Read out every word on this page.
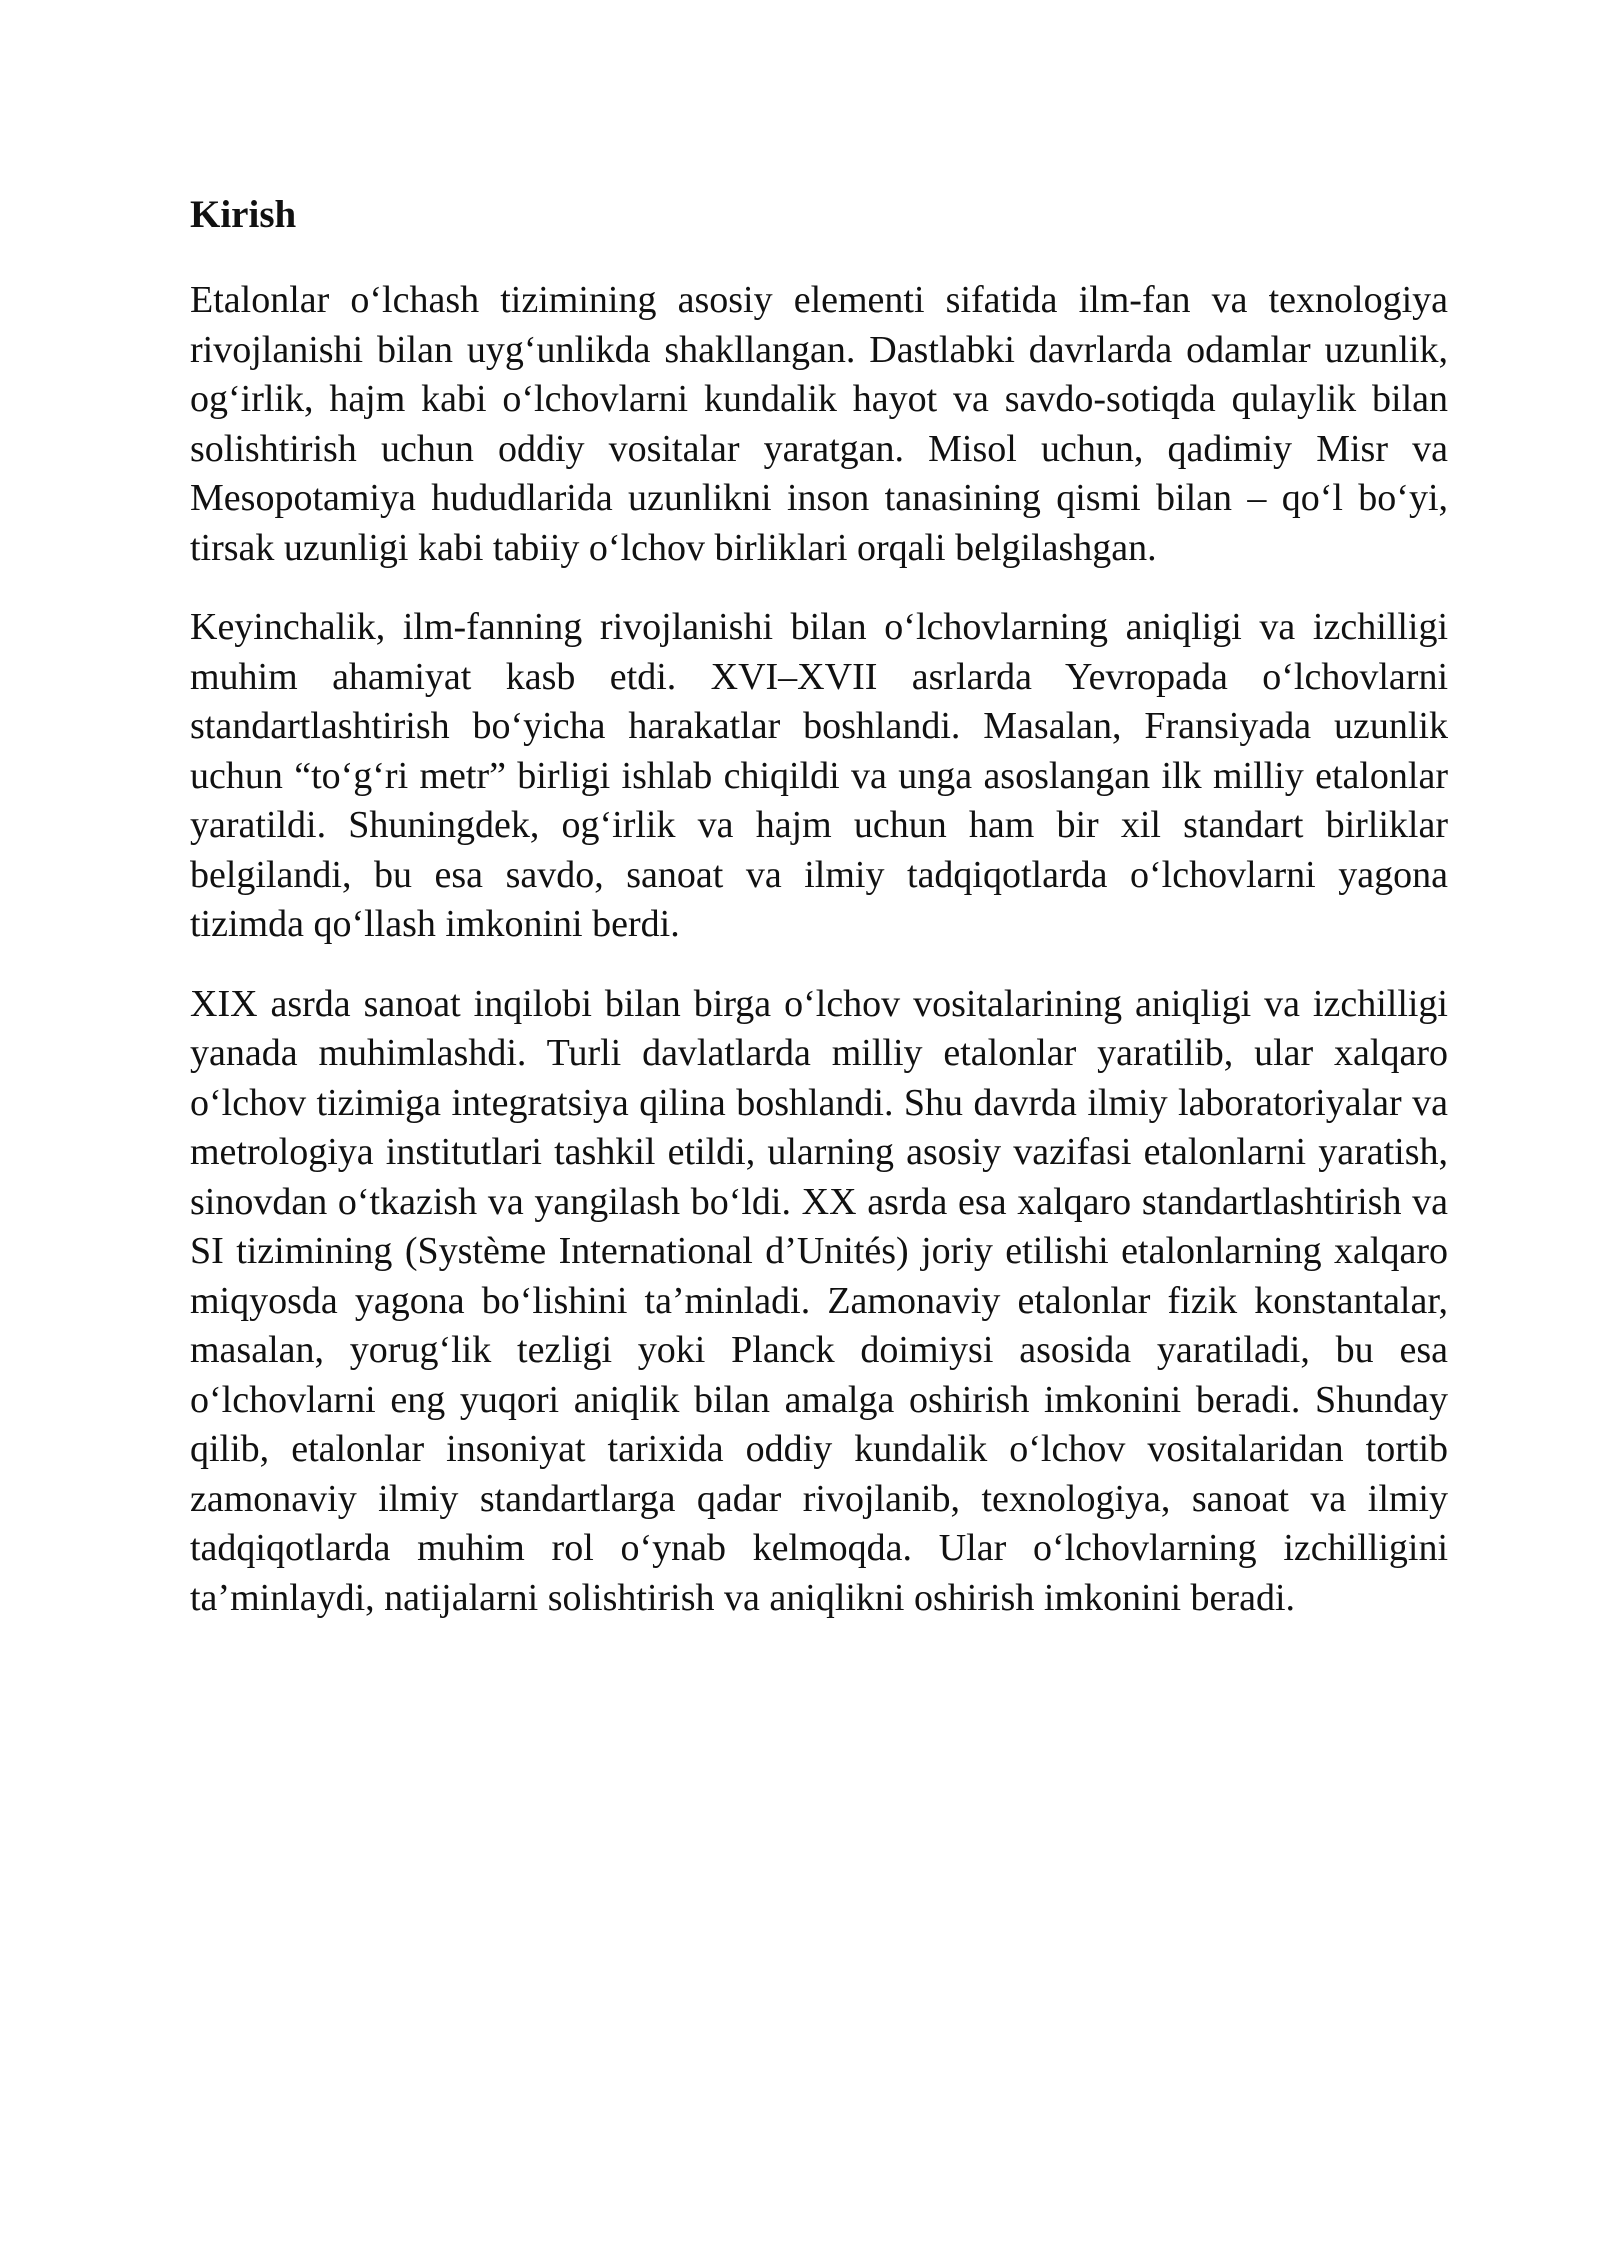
Kirish

Etalonlar o‘lchash tizimining asosiy elementi sifatida ilm-fan va texnologiya rivojlanishi bilan uyg‘unlikda shakllangan. Dastlabki davrlarda odamlar uzunlik, og‘irlik, hajm kabi o‘lchovlarni kundalik hayot va savdo-sotiqda qulaylik bilan solishtirish uchun oddiy vositalar yaratgan. Misol uchun, qadimiy Misr va Mesopotamiya hududlarida uzunlikni inson tanasining qismi bilan – qo‘l bo‘yi, tirsak uzunligi kabi tabiiy o‘lchov birliklari orqali belgilashgan.

Keyinchalik, ilm-fanning rivojlanishi bilan o‘lchovlarning aniqligi va izchilligi muhim ahamiyat kasb etdi. XVI–XVII asrlarda Yevropada o‘lchovlarni standartlashtirish bo‘yicha harakatlar boshlandi. Masalan, Fransiyada uzunlik uchun “to‘g‘ri metr” birligi ishlab chiqildi va unga asoslangan ilk milliy etalonlar yaratildi. Shuningdek, og‘irlik va hajm uchun ham bir xil standart birliklar belgilandi, bu esa savdo, sanoat va ilmiy tadqiqotlarda o‘lchovlarni yagona tizimda qo‘llash imkonini berdi.

XIX asrda sanoat inqilobi bilan birga o‘lchov vositalarining aniqligi va izchilligi yanada muhimlashdi. Turli davlatlarda milliy etalonlar yaratilib, ular xalqaro o‘lchov tizimiga integratsiya qilina boshlandi. Shu davrda ilmiy laboratoriyalar va metrologiya institutlari tashkil etildi, ularning asosiy vazifasi etalonlarni yaratish, sinovdan o‘tkazish va yangilash bo‘ldi. XX asrda esa xalqaro standartlashtirish va SI tizimining (Système International d’Unités) joriy etilishi etalonlarning xalqaro miqyosda yagona bo‘lishini ta’minladi. Zamonaviy etalonlar fizik konstantalar, masalan, yorug‘lik tezligi yoki Planck doimiysi asosida yaratiladi, bu esa o‘lchovlarni eng yuqori aniqlik bilan amalga oshirish imkonini beradi. Shunday qilib, etalonlar insoniyat tarixida oddiy kundalik o‘lchov vositalaridan tortib zamonaviy ilmiy standartlarga qadar rivojlanib, texnologiya, sanoat va ilmiy tadqiqotlarda muhim rol o‘ynab kelmoqda. Ular o‘lchovlarning izchilligini ta’minlaydi, natijalarni solishtirish va aniqlikni oshirish imkonini beradi.
